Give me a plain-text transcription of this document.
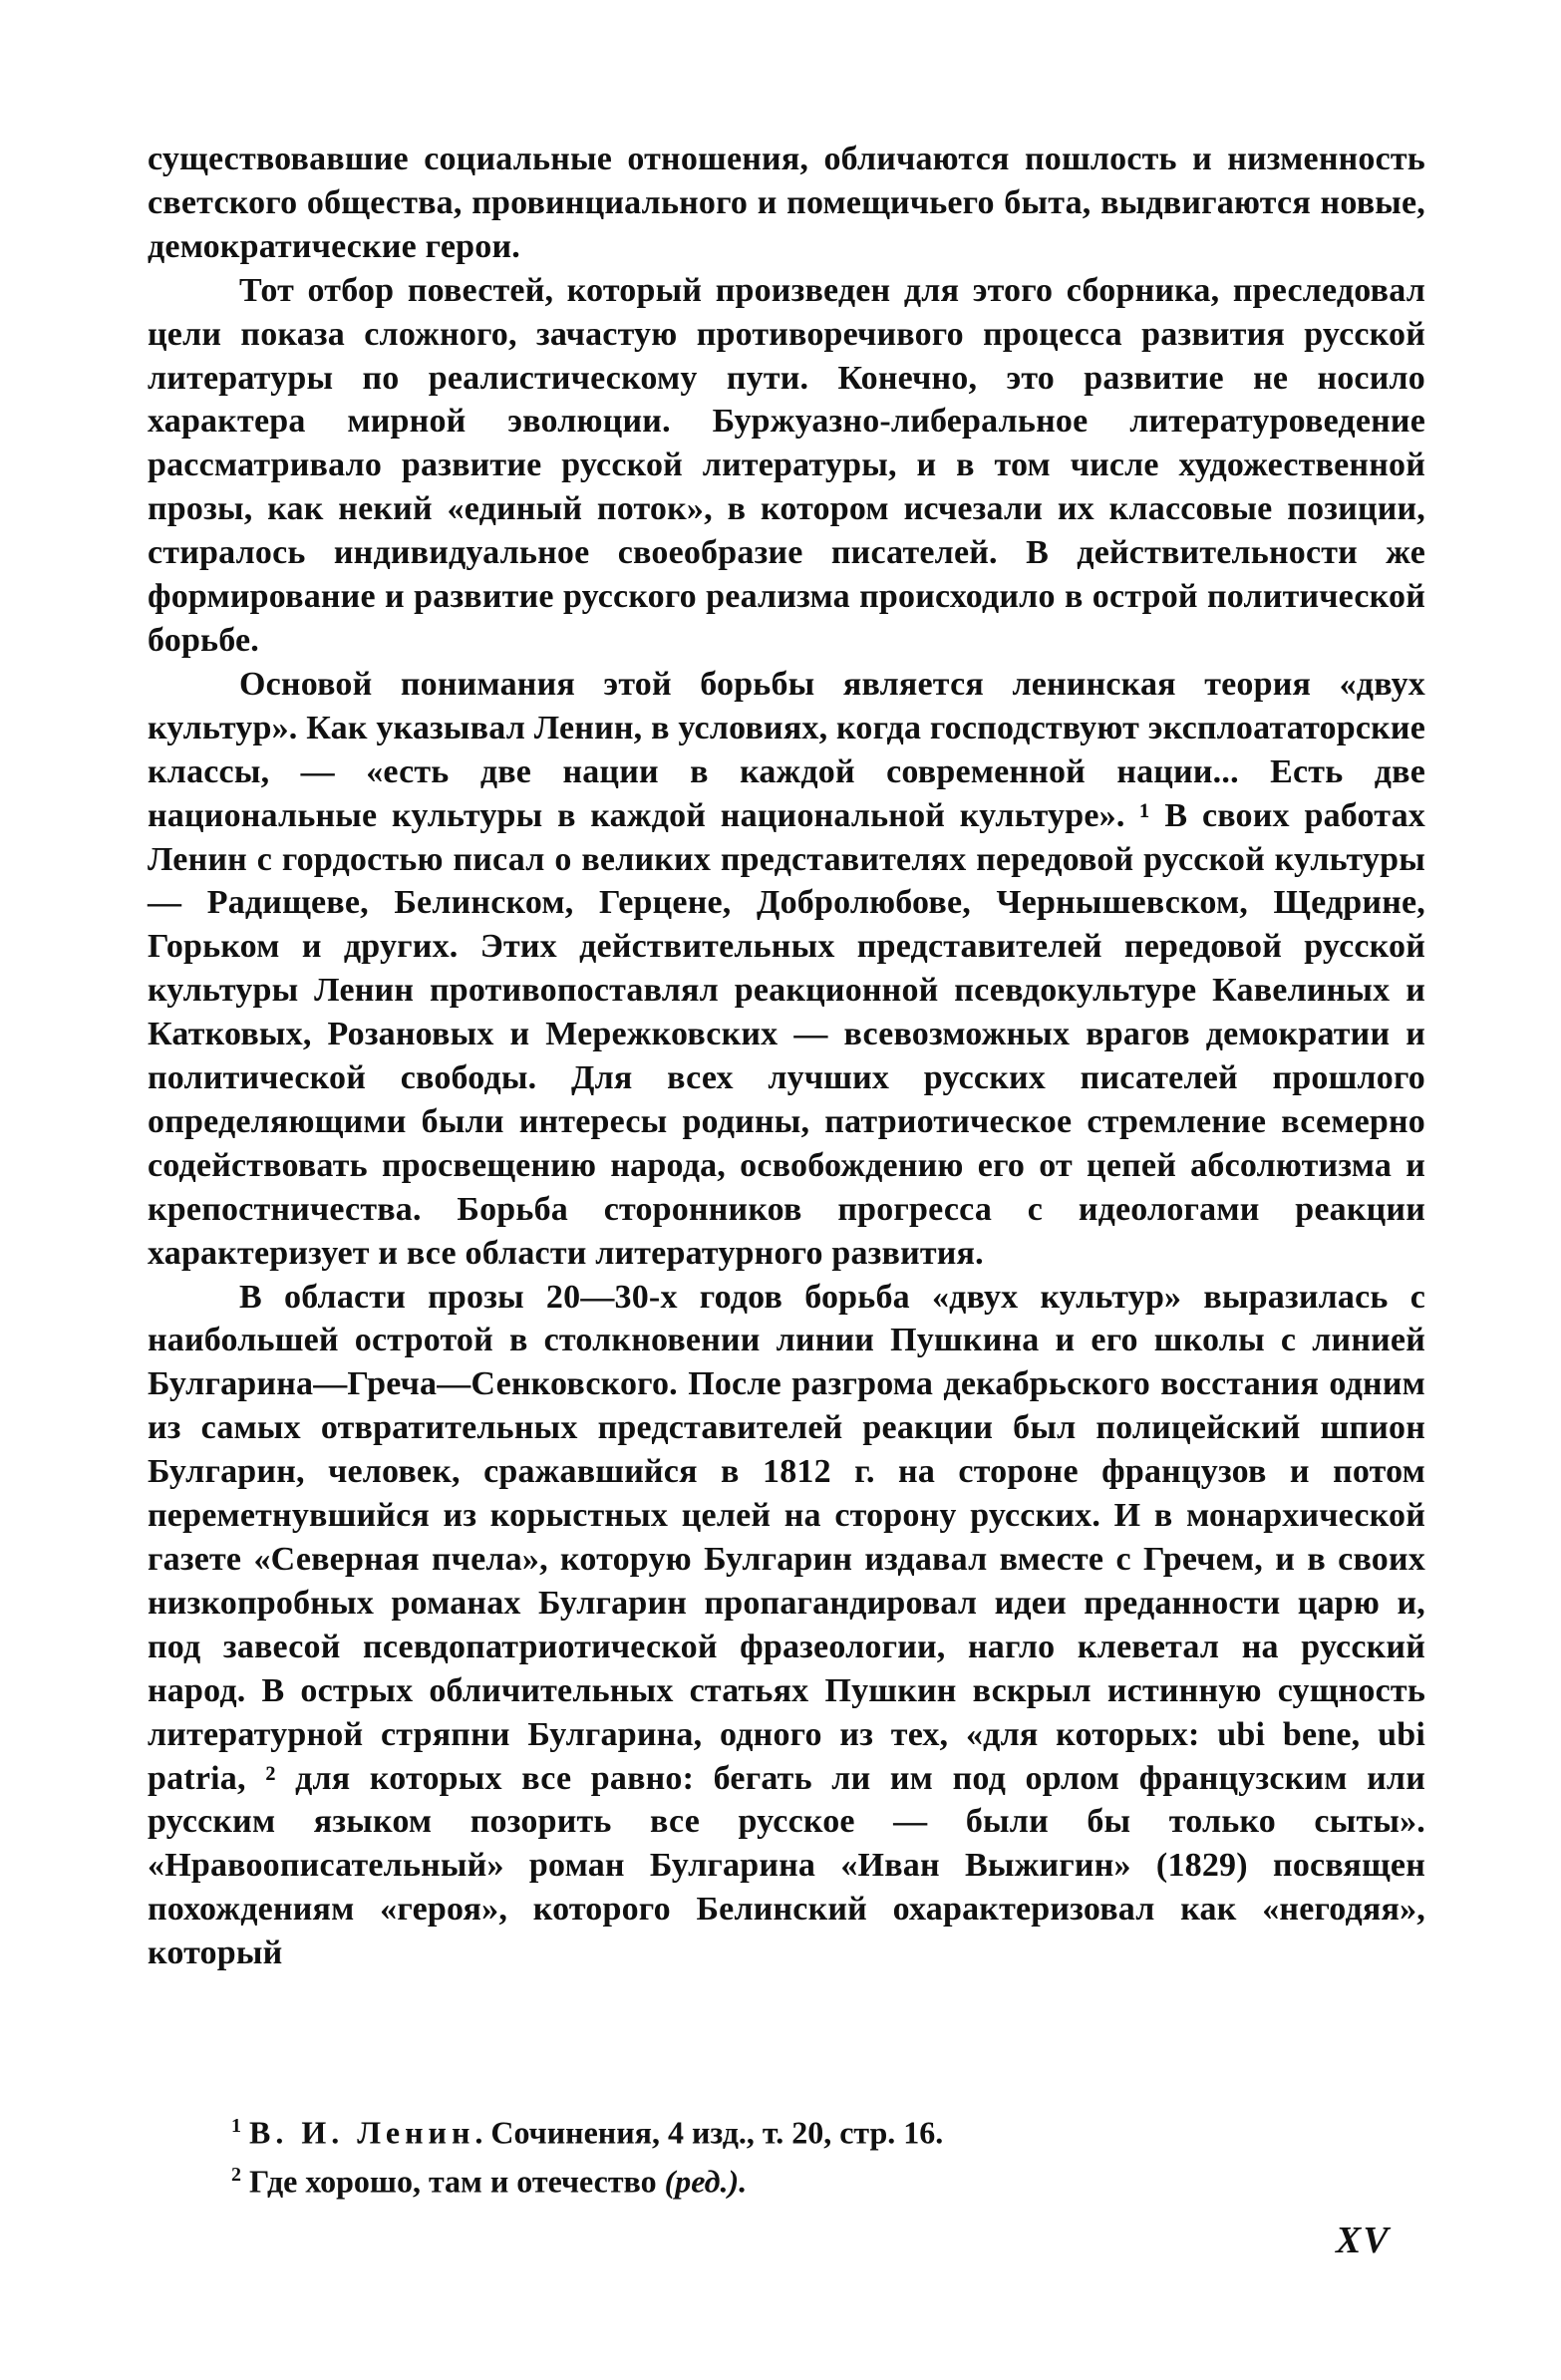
существовавшие социальные отношения, обличаются пошлость и низменность светского общества, провинциального и помещичьего быта, выдвигаются новые, демократические герои.

Тот отбор повестей, который произведен для этого сборника, преследовал цели показа сложного, зачастую противоречивого процесса развития русской литературы по реалистическому пути. Конечно, это развитие не носило характера мирной эволюции. Буржуазно-либеральное литературоведение рассматривало развитие русской литературы, и в том числе художественной прозы, как некий «единый поток», в котором исчезали их классовые позиции, стиралось индивидуальное своеобразие писателей. В действительности же формирование и развитие русского реализма происходило в острой политической борьбе.

Основой понимания этой борьбы является ленинская теория «двух культур». Как указывал Ленин, в условиях, когда господствуют эксплоататорские классы, — «есть две нации в каждой современной нации... Есть две национальные культуры в каждой национальной культуре». ¹ В своих работах Ленин с гордостью писал о великих представителях передовой русской культуры — Радищеве, Белинском, Герцене, Добролюбове, Чернышевском, Щедрине, Горьком и других. Этих действительных представителей передовой русской культуры Ленин противопоставлял реакционной псевдокультуре Кавелиных и Катковых, Розановых и Мережковских — всевозможных врагов демократии и политической свободы. Для всех лучших русских писателей прошлого определяющими были интересы родины, патриотическое стремление всемерно содействовать просвещению народа, освобождению его от цепей абсолютизма и крепостничества. Борьба сторонников прогресса с идеологами реакции характеризует и все области литературного развития.

В области прозы 20—30-х годов борьба «двух культур» выразилась с наибольшей остротой в столкновении линии Пушкина и его школы с линией Булгарина—Греча—Сенковского. После разгрома декабрьского восстания одним из самых отвратительных представителей реакции был полицейский шпион Булгарин, человек, сражавшийся в 1812 г. на стороне французов и потом переметнувшийся из корыстных целей на сторону русских. И в монархической газете «Северная пчела», которую Булгарин издавал вместе с Гречем, и в своих низкопробных романах Булгарин пропагандировал идеи преданности царю и, под завесой псевдопатриотической фразеологии, нагло клеветал на русский народ. В острых обличительных статьях Пушкин вскрыл истинную сущность литературной стряпни Булгарина, одного из тех, «для которых: ubi bene, ubi patria, ² для которых все равно: бегать ли им под орлом французским или русским языком позорить все русское — были бы только сыты». «Нравоописательный» роман Булгарина «Иван Выжигин» (1829) посвящен похождениям «героя», которого Белинский охарактеризовал как «негодяя», который

$^1$ В. И. Ленин. Сочинения, 4 изд., т. 20, стр. 16.

$^2$ Где хорошо, там и отечество (ред.).

XV
